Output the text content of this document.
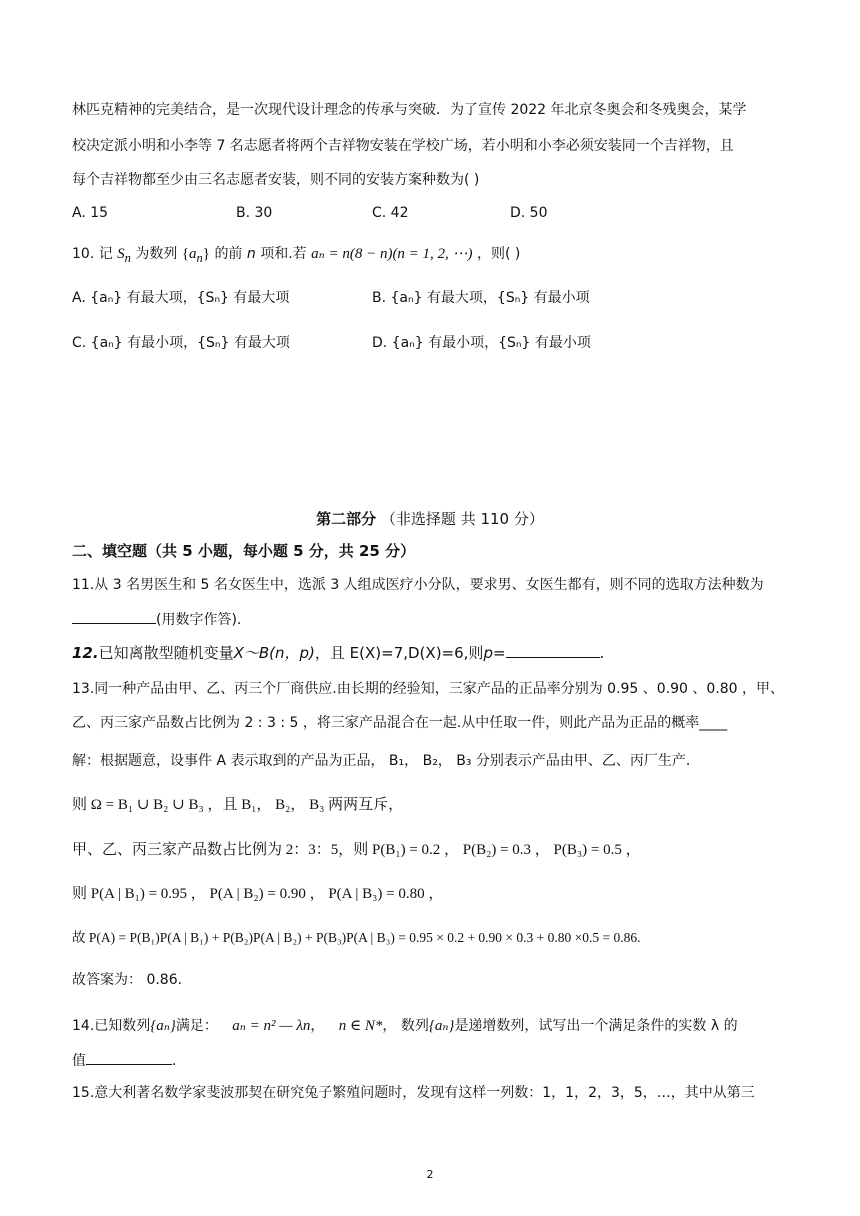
林匹克精神的完美结合，是一次现代设计理念的传承与突破．为了宣传 2022 年北京冬奥会和冬残奥会，某学
校决定派小明和小李等 7 名志愿者将两个吉祥物安装在学校广场，若小明和小李必须安装同一个吉祥物，且
每个吉祥物都至少由三名志愿者安装，则不同的安装方案种数为( )
A. 15	B. 30	C. 42	D. 50
10. 记 $S_n$ 为数列 $\{a_n\}$ 的前 n 项和.若 aₙ = n(8 − n)(n = 1, 2, ⋯) ，则( )
A. {aₙ} 有最大项，{Sₙ} 有最大项	B. {aₙ} 有最大项，{Sₙ} 有最小项
C. {aₙ} 有最小项，{Sₙ} 有最大项	D. {aₙ} 有最小项，{Sₙ} 有最小项
第二部分 （非选择题 共 110 分）
二、填空题（共 5 小题，每小题 5 分，共 25 分）
11.从 3 名男医生和 5 名女医生中，选派 3 人组成医疗小分队，要求男、女医生都有，则不同的选取方法种数为
(用数字作答).
12.已知离散型随机变量X～B(n，p)，且 E(X)=7,D(X)=6,则p=	.
13.同一种产品由甲、乙、丙三个厂商供应.由长期的经验知，三家产品的正品率分别为 0.95 、0.90 、0.80 ，甲、
乙、丙三家产品数占比例为 2 : 3 : 5 ，将三家产品混合在一起.从中任取一件，则此产品为正品的概率____
解：根据题意，设事件 A 表示取到的产品为正品， B₁， B₂， B₃ 分别表示产品由甲、乙、丙厂生产.
则 Ω = B₁ ∪ B₂ ∪ B₃ ，且 B₁， B₂， B₃ 两两互斥，
甲、乙、丙三家产品数占比例为 2：3：5，则 P(B₁) = 0.2 ， P(B₂) = 0.3 ， P(B₃) = 0.5 ，
则 P(A | B₁) = 0.95 ， P(A | B₂) = 0.90 ， P(A | B₃) = 0.80 ，
故 P(A) = P(B₁)P(A | B₁) + P(B₂)P(A | B₂) + P(B₃)P(A | B₃) = 0.95 × 0.2 + 0.90 × 0.3 + 0.80 ×0.5 = 0.86.
故答案为： 0.86.
14.已知数列{aₙ}满足： aₙ = n² — λn， n ∈ N*， 数列{aₙ}是递增数列，试写出一个满足条件的实数 λ 的
值	.
15.意大利著名数学家斐波那契在研究兔子繁殖问题时，发现有这样一列数：1，1，2，3，5，…，其中从第三
2
